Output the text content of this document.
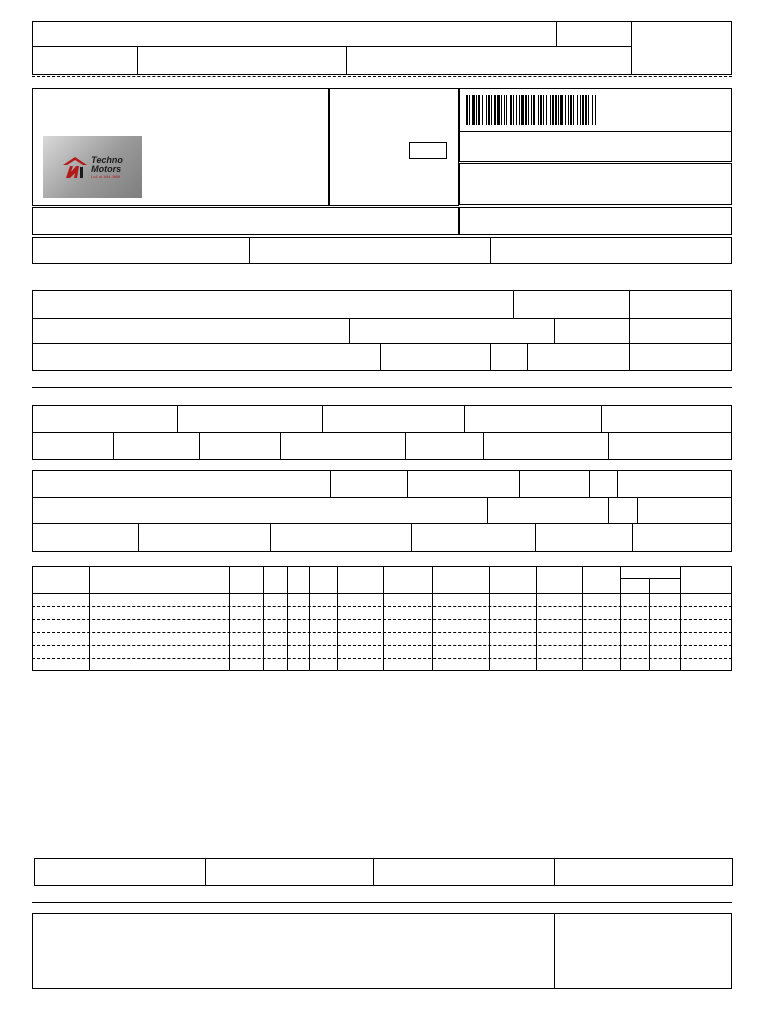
Techno
Motors
Lo1 ul 1N4 JMM
